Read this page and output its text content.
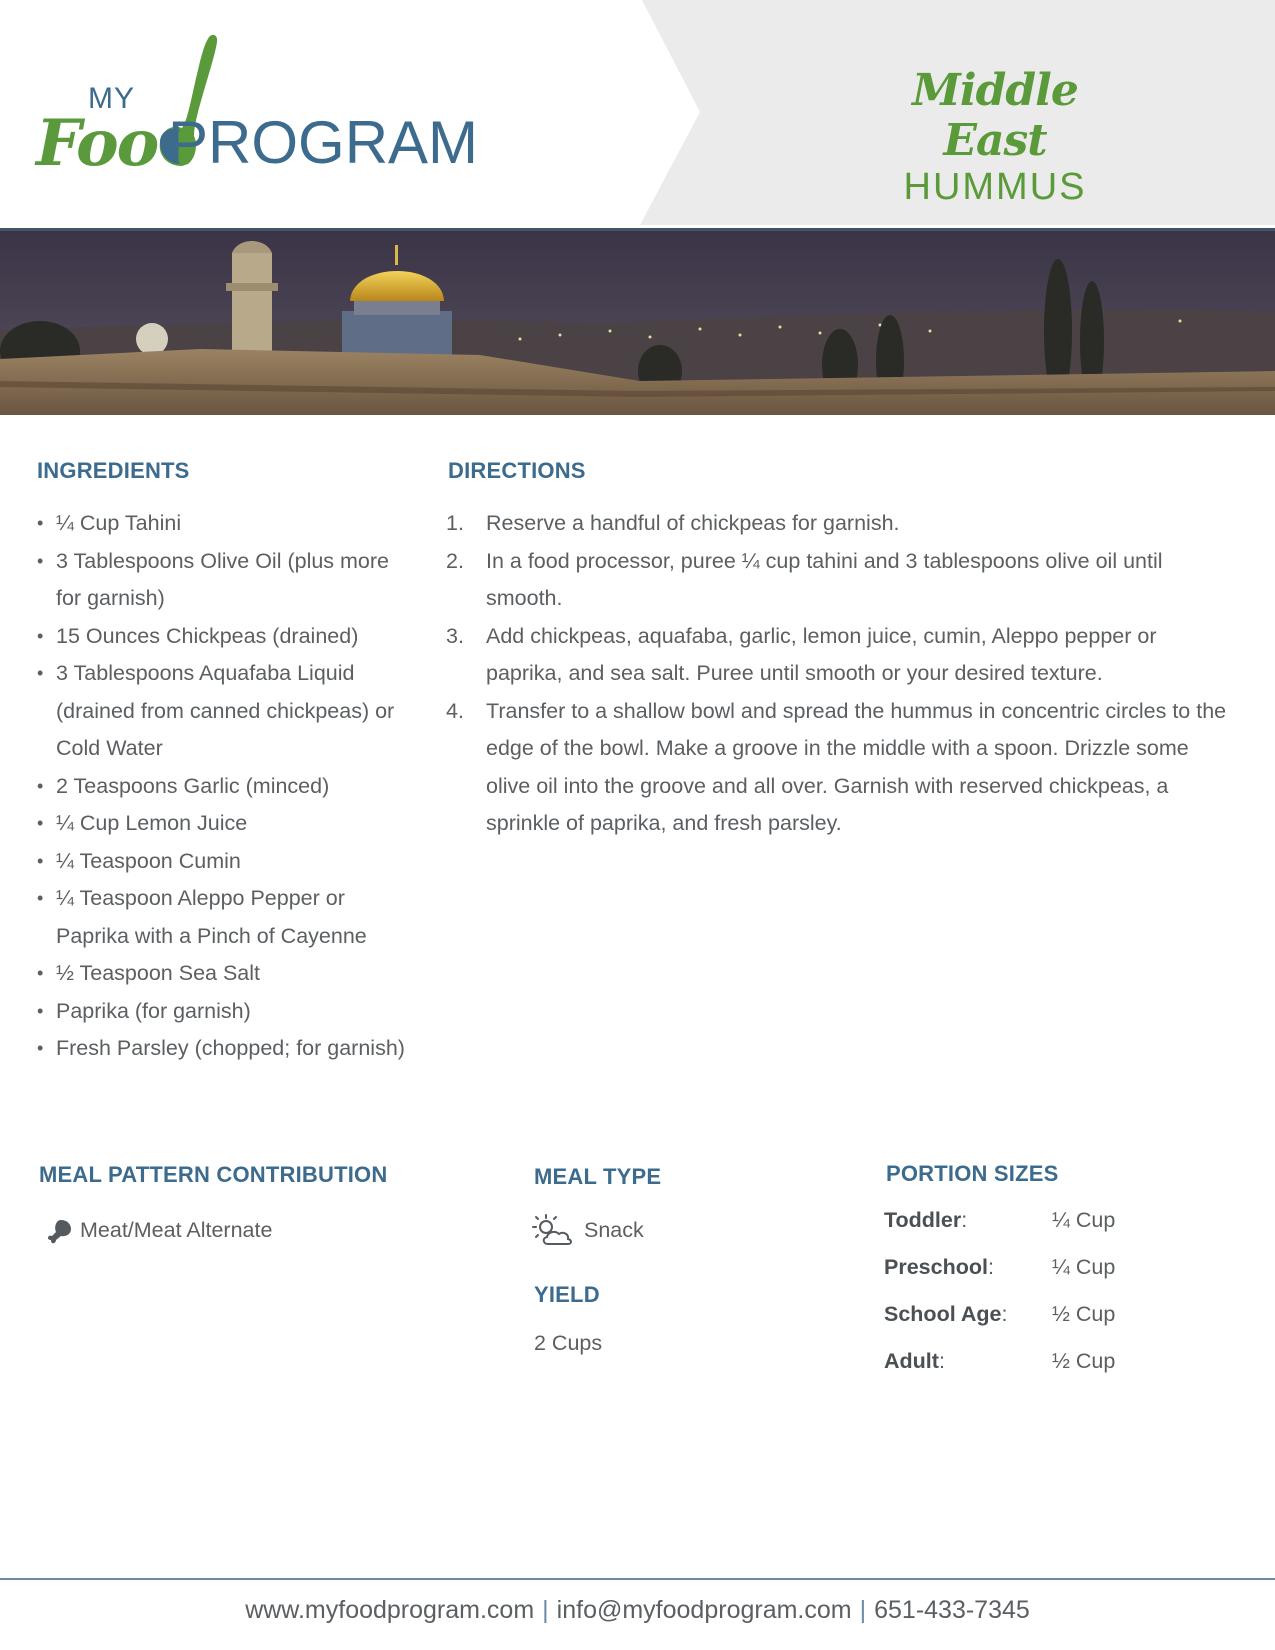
MY
Foo PROGRAM
Middle East
HUMMUS
INGREDIENTS
• ¼ Cup Tahini
• 3 Tablespoons Olive Oil (plus more for garnish)
• 15 Ounces Chickpeas (drained)
• 3 Tablespoons Aquafaba Liquid (drained from canned chickpeas) or Cold Water
• 2 Teaspoons Garlic (minced)
• ¼ Cup Lemon Juice
• ¼ Teaspoon Cumin
• ¼ Teaspoon Aleppo Pepper or Paprika with a Pinch of Cayenne
• ½ Teaspoon Sea Salt
• Paprika (for garnish)
• Fresh Parsley (chopped; for garnish)
DIRECTIONS
1. Reserve a handful of chickpeas for garnish.
2. In a food processor, puree ¼ cup tahini and 3 tablespoons olive oil until smooth.
3. Add chickpeas, aquafaba, garlic, lemon juice, cumin, Aleppo pepper or paprika, and sea salt. Puree until smooth or your desired texture.
4. Transfer to a shallow bowl and spread the hummus in concentric circles to the edge of the bowl. Make a groove in the middle with a spoon. Drizzle some olive oil into the groove and all over. Garnish with reserved chickpeas, a sprinkle of paprika, and fresh parsley.
MEAL PATTERN CONTRIBUTION
Meat/Meat Alternate
MEAL TYPE
Snack
YIELD
2 Cups
PORTION SIZES
Toddler:	¼ Cup
Preschool:	¼ Cup
School Age: ½ Cup
Adult:	½ Cup
www.myfoodprogram.com | info@myfoodprogram.com | 651-433-7345
